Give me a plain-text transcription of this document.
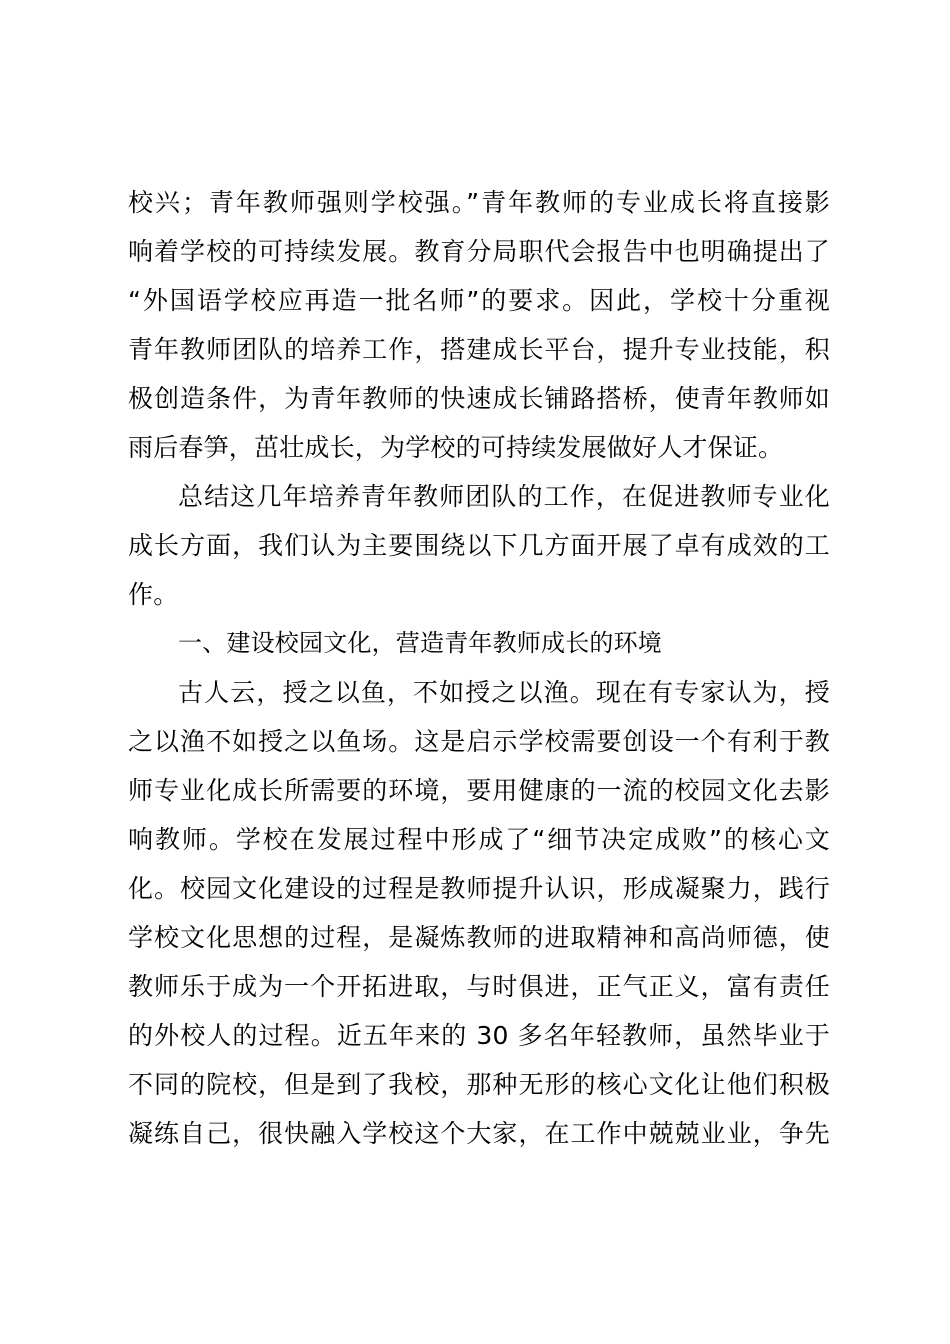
校兴；青年教师强则学校强。”青年教师的专业成长将直接影
响着学校的可持续发展。教育分局职代会报告中也明确提出了
“外国语学校应再造一批名师”的要求。因此，学校十分重视
青年教师团队的培养工作，搭建成长平台，提升专业技能，积
极创造条件，为青年教师的快速成长铺路搭桥，使青年教师如
雨后春笋，茁壮成长，为学校的可持续发展做好人才保证。
总结这几年培养青年教师团队的工作，在促进教师专业化
成长方面，我们认为主要围绕以下几方面开展了卓有成效的工
作。
一、建设校园文化，营造青年教师成长的环境
古人云，授之以鱼，不如授之以渔。现在有专家认为，授
之以渔不如授之以鱼场。这是启示学校需要创设一个有利于教
师专业化成长所需要的环境，要用健康的一流的校园文化去影
响教师。学校在发展过程中形成了“细节决定成败”的核心文
化。校园文化建设的过程是教师提升认识，形成凝聚力，践行
学校文化思想的过程，是凝炼教师的进取精神和高尚师德，使
教师乐于成为一个开拓进取，与时俱进，正气正义，富有责任
的外校人的过程。近五年来的 30 多名年轻教师，虽然毕业于
不同的院校，但是到了我校，那种无形的核心文化让他们积极
凝练自己，很快融入学校这个大家，在工作中兢兢业业，争先
